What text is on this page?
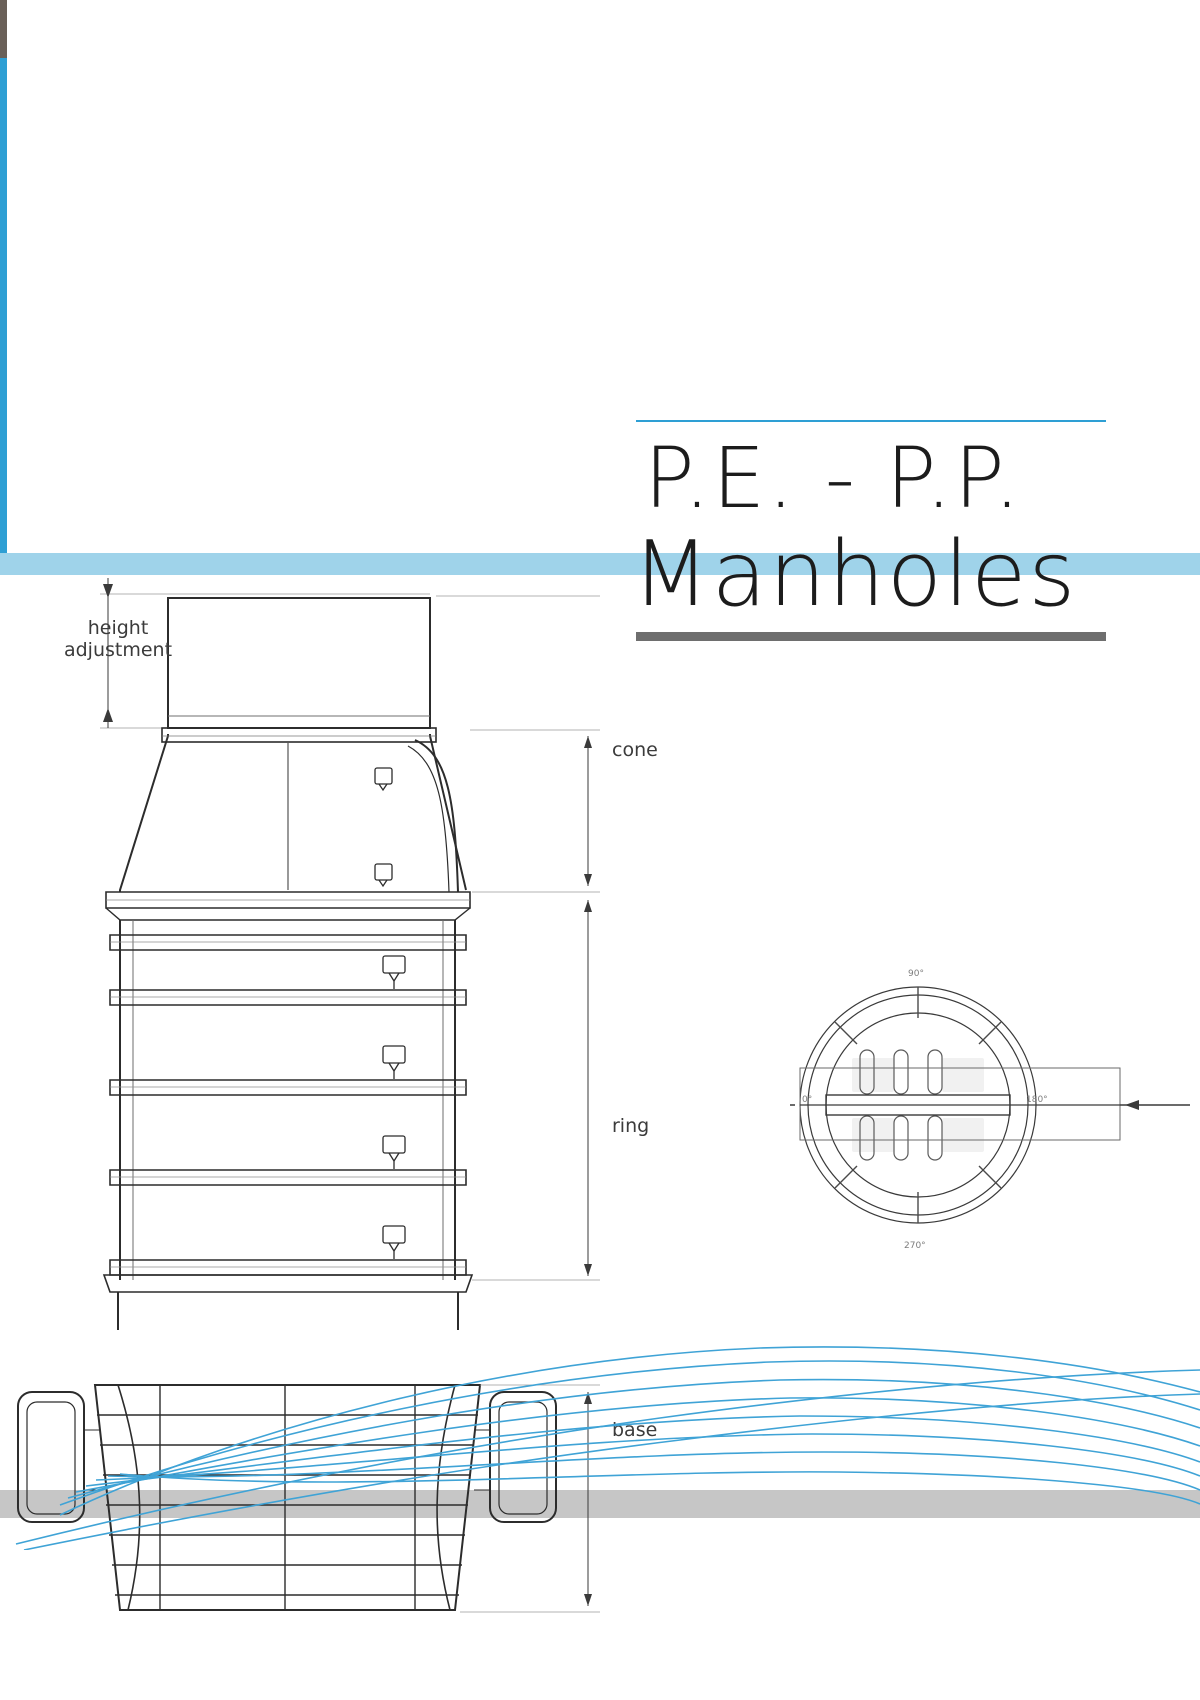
P.E. - P.P.
Manholes
height
adjustment
cone
ring
base
90°
0°	180°
270°
